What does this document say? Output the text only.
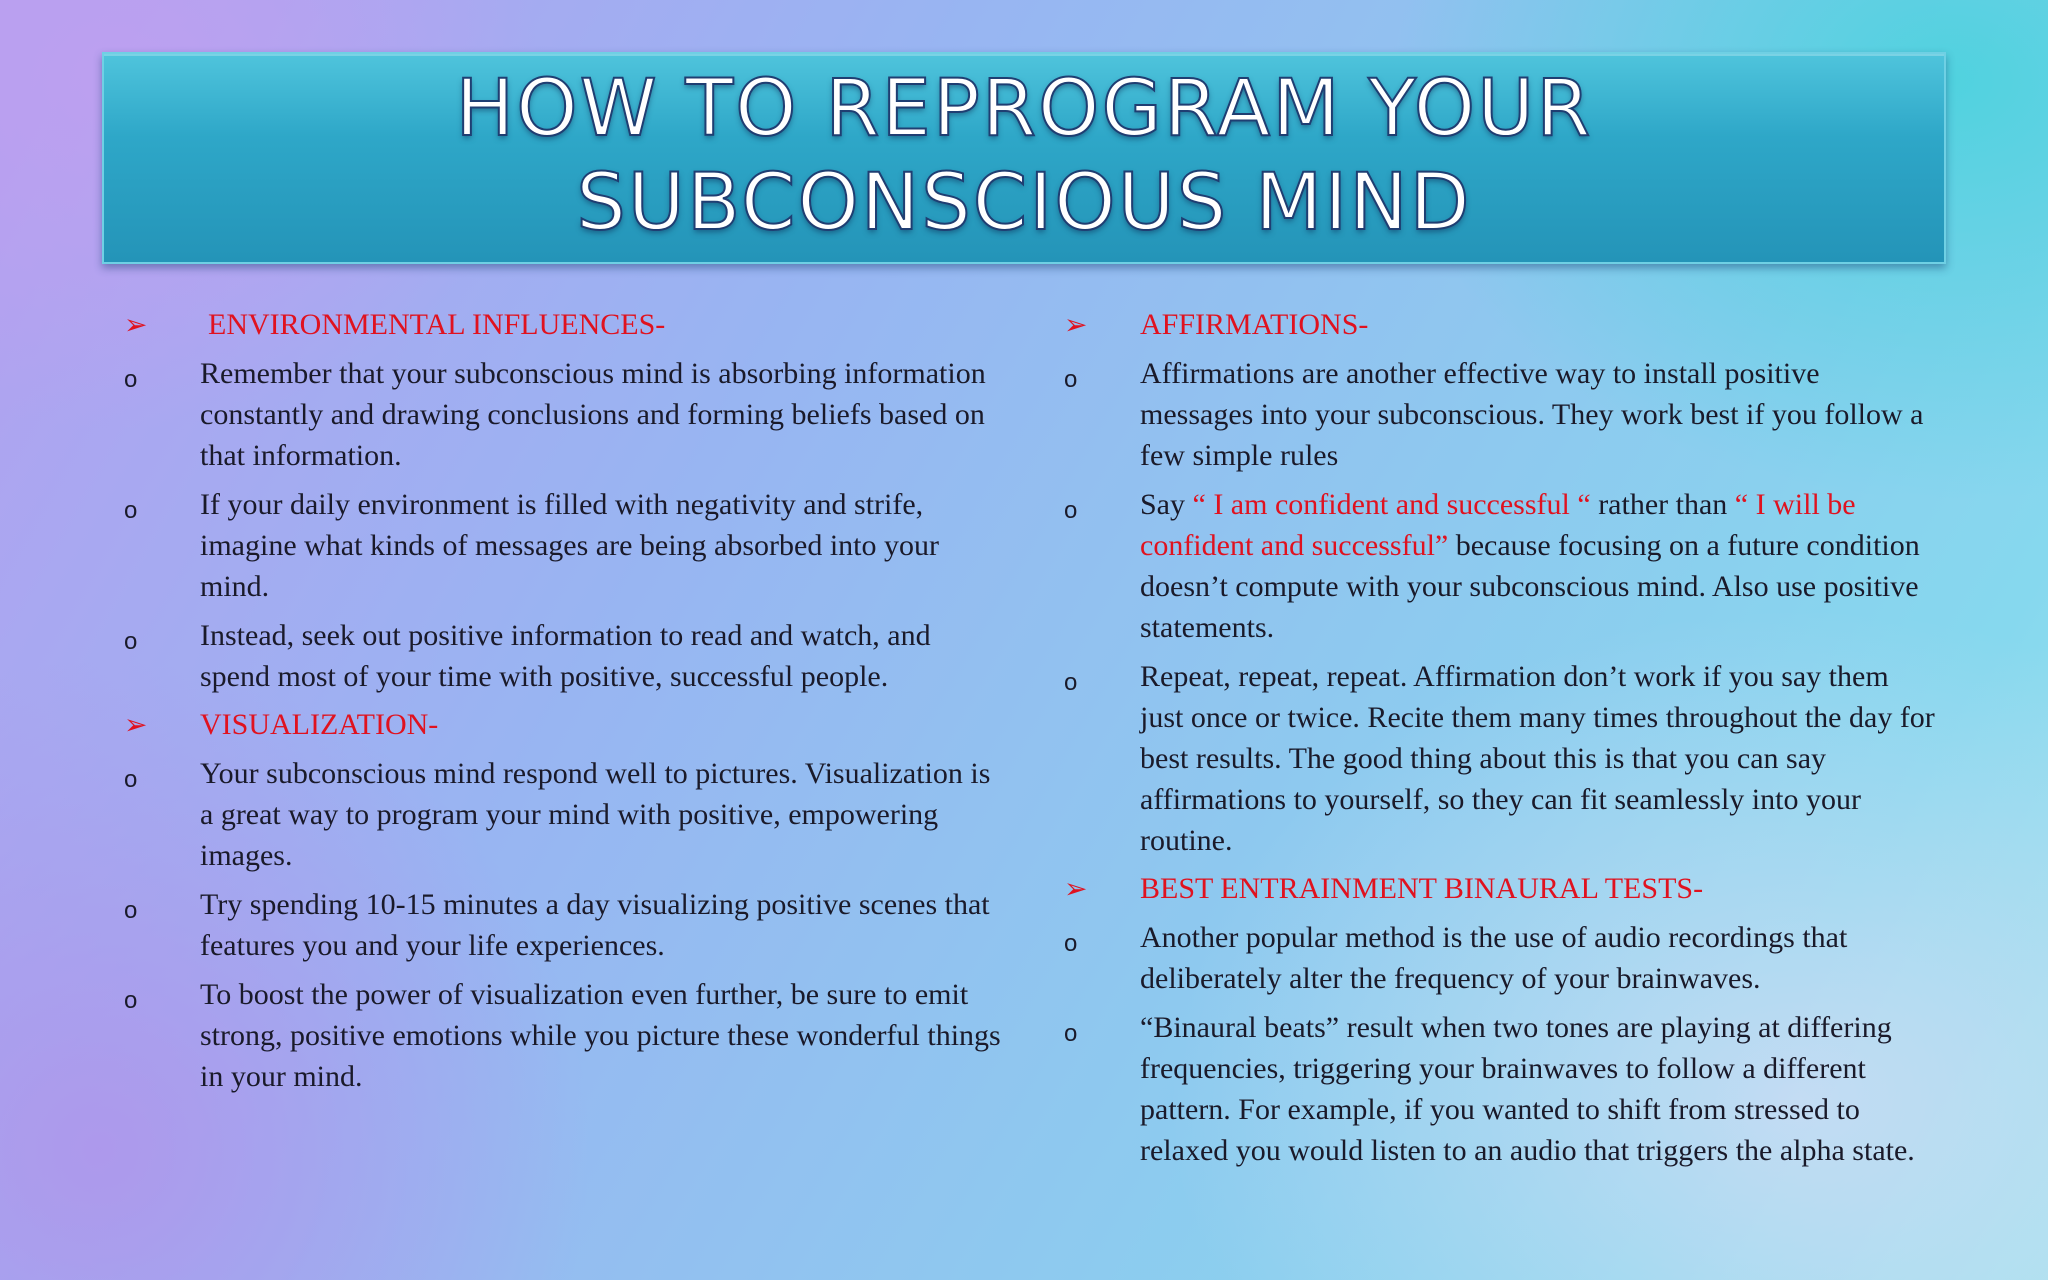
HOW TO REPROGRAM YOUR
SUBCONSCIOUS MIND
➢ ENVIRONMENTAL INFLUENCES-
o	Remember that your subconscious mind is absorbing information constantly and drawing conclusions and forming beliefs based on that information.
o	If your daily environment is filled with negativity and strife, imagine what kinds of messages are being absorbed into your mind.
o	Instead, seek out positive information to read and watch, and spend most of your time with positive, successful people.
➢ VISUALIZATION-
o	Your subconscious mind respond well to pictures. Visualization is a great way to program your mind with positive, empowering images.
o	Try spending 10-15 minutes a day visualizing positive scenes that features you and your life experiences.
o	To boost the power of visualization even further, be sure to emit strong, positive emotions while you picture these wonderful things in your mind.
➢ AFFIRMATIONS-
o	Affirmations are another effective way to install positive messages into your subconscious. They work best if you follow a few simple rules
o	Say “ I am confident and successful “ rather than “ I will be confident and successful” because focusing on a future condition doesn’t compute with your subconscious mind. Also use positive statements.
o	Repeat, repeat, repeat. Affirmation don’t work if you say them just once or twice. Recite them many times throughout the day for best results. The good thing about this is that you can say affirmations to yourself, so they can fit seamlessly into your routine.
➢ BEST ENTRAINMENT BINAURAL TESTS-
o	Another popular method is the use of audio recordings that deliberately alter the frequency of your brainwaves.
o	“Binaural beats” result when two tones are playing at differing frequencies, triggering your brainwaves to follow a different pattern. For example, if you wanted to shift from stressed to relaxed you would listen to an audio that triggers the alpha state.
